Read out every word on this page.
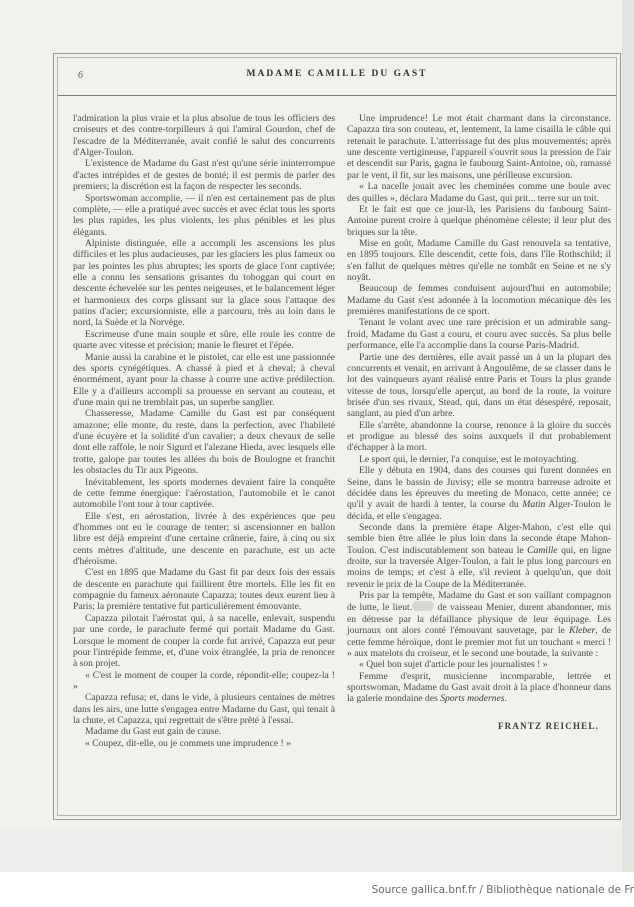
6	MADAME CAMILLE DU GAST

l'admiration la plus vraie et la plus absolue de tous les officiers des croiseurs et des contre-torpilleurs à qui l'amiral Gourdon, chef de l'escadre de la Méditerranée, avait confié le salut des concurrents d'Alger-Toulon.

L'existence de Madame du Gast n'est qu'une série ininterrompue d'actes intrépides et de gestes de bonté; il est permis de parler des premiers; la discrétion est la façon de respecter les seconds.

Sportswoman accomplie, — il n'en est certainement pas de plus complète, — elle a pratiqué avec succès et avec éclat tous les sports les plus rapides, les plus violents, les plus pénibles et les plus élégants.

Alpiniste distinguée, elle a accompli les ascensions les plus difficiles et les plus audacieuses, par les glaciers les plus fameux ou par les pointes les plus abruptes; les sports de glace l'ont captivée; elle a connu les sensations grisantes du toboggan qui court en descente échevelée sur les pentes neigeuses, et le balancement léger et harmonieux des corps glissant sur la glace sous l'attaque des patins d'acier; excursionniste, elle a parcouru, très au loin dans le nord, la Suède et la Norvège.

Escrimeuse d'une main souple et sûre, elle roule les contre de quarte avec vitesse et précision; manie le fleuret et l'épée.

Manie aussi la carabine et le pistolet, car elle est une passionnée des sports cynégétiques. A chassé à pied et à cheval; à cheval énormément, ayant pour la chasse à courre une active prédilection. Elle y a d'ailleurs accompli sa prouesse en servant au couteau, et d'une main qui ne tremblait pas, un superbe sanglier.

Chasseresse, Madame Camille du Gast est par conséquent amazone; elle monte, du reste, dans la perfection, avec l'habileté d'une écuyère et la solidité d'un cavalier; a deux chevaux de selle dont elle raffole, le noir Sigurd et l'alezane Hieda, avec lesquels elle trotte, galope par toutes les allées du bois de Boulogne et franchit les obstacles du Tir aux Pigeons.

Inévitablement, les sports modernes devaient faire la conquête de cette femme énergique: l'aérostation, l'automobile et le canot automobile l'ont tour à tour captivée.

Elle s'est, en aérostation, livrée à des expériences que peu d'hommes ont eu le courage de tenter; si ascensionner en ballon libre est déjà empreint d'une certaine crânerie, faire, à cinq ou six cents mètres d'altitude, une descente en parachute, est un acte d'héroïsme.

C'est en 1895 que Madame du Gast fit par deux fois des essais de descente en parachute qui faillirent être mortels. Elle les fit en compagnie du fameux aéronaute Capazza; toutes deux eurent lieu à Paris; la première tentative fut particulièrement émouvante.

Capazza pilotait l'aérostat qui, à sa nacelle, enlevait, suspendu par une corde, le parachute fermé qui portait Madame du Gast. Lorsque le moment de couper la corde fut arrivé, Capazza eut peur pour l'intrépide femme, et, d'une voix étranglée, la pria de renoncer à son projet.

« C'est le moment de couper la corde, répondit-elle; coupez-la ! »

Capazza refusa; et, dans le vide, à plusieurs centaines de mètres dans les airs, une lutte s'engagea entre Madame du Gast, qui tenait à la chute, et Capazza, qui regrettait de s'être prêté à l'essai.

Madame du Gast eut gain de cause.

« Coupez, dit-elle, ou je commets une imprudence ! »

Une imprudence! Le mot était charmant dans la circonstance. Capazza tira son couteau, et, lentement, la lame cisailla le câble qui retenait le parachute. L'atterrissage fut des plus mouvementés; après une descente vertigineuse, l'appareil s'ouvrit sous la pression de l'air et descendit sur Paris, gagna le faubourg Saint-Antoine, où, ramassé par le vent, il fit, sur les maisons, une périlleuse excursion.

« La nacelle jouait avec les cheminées comme une boule avec des quilles », déclara Madame du Gast, qui prit... terre sur un toit.

Et le fait est que ce jour-là, les Parisiens du faubourg Saint-Antoine purent croire à quelque phénomène céleste; il leur plut des briques sur la tête.

Mise en goût, Madame Camille du Gast renouvela sa tentative, en 1895 toujours. Elle descendit, cette fois, dans l'île Rothschild; il s'en fallut de quelques mètres qu'elle ne tombât en Seine et ne s'y noyât.

Beaucoup de femmes conduisent aujourd'hui en automobile; Madame du Gast s'est adonnée à la locomotion mécanique dès les premières manifestations de ce sport.

Tenant le volant avec une rare précision et un admirable sang-froid, Madame du Gast a couru, et couru avec succès. Sa plus belle performance, elle l'a accomplie dans la course Paris-Madrid.

Partie une des dernières, elle avait passé un à un la plupart des concurrents et venait, en arrivant à Angoulême, de se classer dans le lot des vainqueurs ayant réalisé entre Paris et Tours la plus grande vitesse de tous, lorsqu'elle aperçut, au bord de la route, la voiture brisée d'un ses rivaux, Stead, qui, dans un état désespéré, reposait, sanglant, au pied d'un arbre.

Elle s'arrête, abandonne la course, renonce à la gloire du succès et prodigue au blessé des soins auxquels il dut probablement d'échapper à la mort.

Le sport qui, le dernier, l'a conquise, est le motoyachting.

Elle y débuta en 1904, dans des courses qui furent données en Seine, dans le bassin de Juvisy; elle se montra barreuse adroite et décidée dans les épreuves du meeting de Monaco, cette année; ce qu'il y avait de hardi à tenter, la course du Matin Alger-Toulon le décida, et elle s'engagea.

Seconde dans la première étape Alger-Mahon, c'est elle qui semble bien être allée le plus loin dans la seconde étape Mahon-Toulon. C'est indiscutablement son bateau le Camille qui, en ligne droite, sur la traversée Alger-Toulon, a fait le plus long parcours en moins de temps; et c'est à elle, s'il revient à quelqu'un, que doit revenir le prix de la Coupe de la Méditerranée.

Pris par la tempête, Madame du Gast et son vaillant compagnon de lutte, le lieut.	de vaisseau Menier, durent abandonner, mis en détresse par la défaillance physique de leur équipage. Les journaux ont alors conté l'émouvant sauvetage, par le Kleber, de cette femme héroïque, dont le premier mot fut un touchant « merci ! » aux matelots du croiseur, et le second une boutade, la suivante :

« Quel bon sujet d'article pour les journalistes ! »

Femme d'esprit, musicienne incomparable, lettrée et sportswoman, Madame du Gast avait droit à la place d'honneur dans la galerie mondaine des Sports modernes.

FRANTZ REICHEL.

Source gallica.bnf.fr / Bibliothèque nationale de Fr
